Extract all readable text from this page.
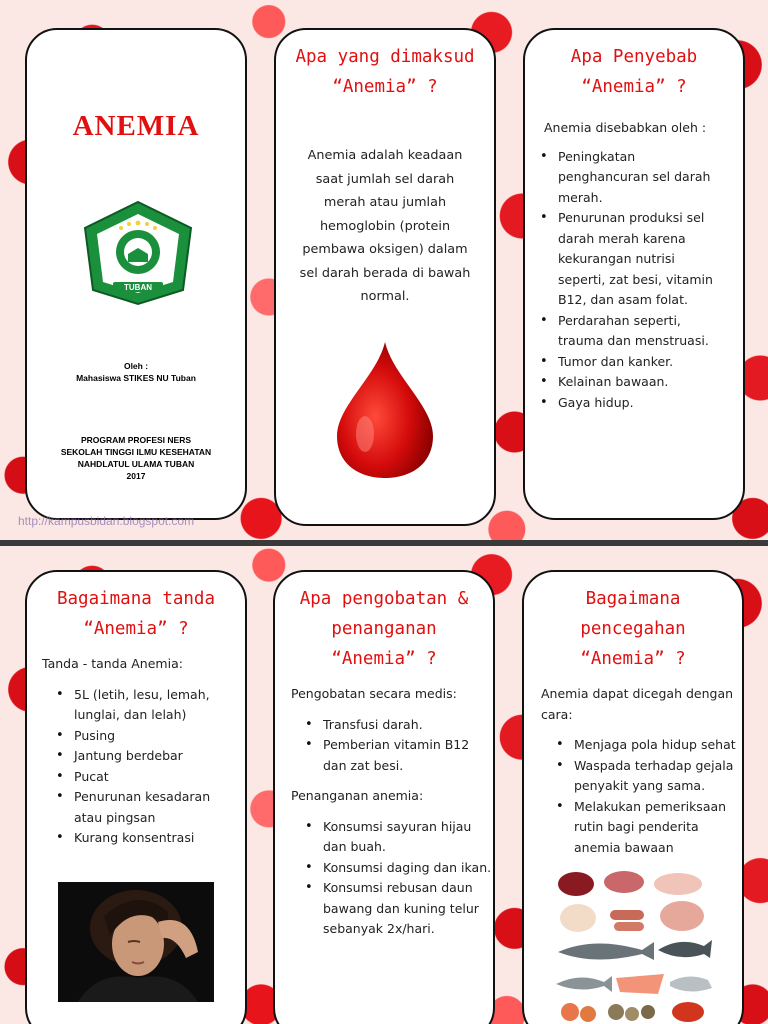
ANEMIA
TUBAN
Oleh :
Mahasiswa STIKES NU Tuban
PROGRAM PROFESI NERS
SEKOLAH TINGGI ILMU KESEHATAN
NAHDLATUL ULAMA TUBAN
2017

Apa yang dimaksud

“Anemia” ?

Anemia adalah keadaan
saat jumlah sel darah
merah atau jumlah
hemoglobin (protein
pembawa oksigen) dalam
sel darah berada di bawah
normal.

Apa Penyebab

“Anemia” ?

Anemia disebabkan oleh :
• Peningkatan
penghancuran sel darah
merah.
• Penurunan produksi sel
darah merah karena
kekurangan nutrisi
seperti, zat besi, vitamin
B12, dan asam folat.
• Perdarahan seperti,
trauma dan menstruasi.
• Tumor dan kanker.
• Kelainan bawaan.
• Gaya hidup.
http://kampusbidan.blogspot.com

Bagaimana tanda

“Anemia” ?

Tanda - tanda Anemia:
• 5L (letih, lesu, lemah,
lunglai, dan lelah)
• Pusing
• Jantung berdebar
• Pucat
• Penurunan kesadaran
atau pingsan
• Kurang konsentrasi

Apa pengobatan &

penanganan

“Anemia” ?

Pengobatan secara medis:
• Transfusi darah.
• Pemberian vitamin B12
dan zat besi.
Penanganan anemia:
• Konsumsi sayuran hijau
dan buah.
• Konsumsi daging dan ikan.
• Konsumsi rebusan daun
bawang dan kuning telur
sebanyak 2x/hari.

Bagaimana

pencegahan

“Anemia” ?

Anemia dapat dicegah dengan
cara:
• Menjaga pola hidup sehat
• Waspada terhadap gejala
penyakit yang sama.
• Melakukan pemeriksaan
rutin bagi penderita
anemia bawaan
